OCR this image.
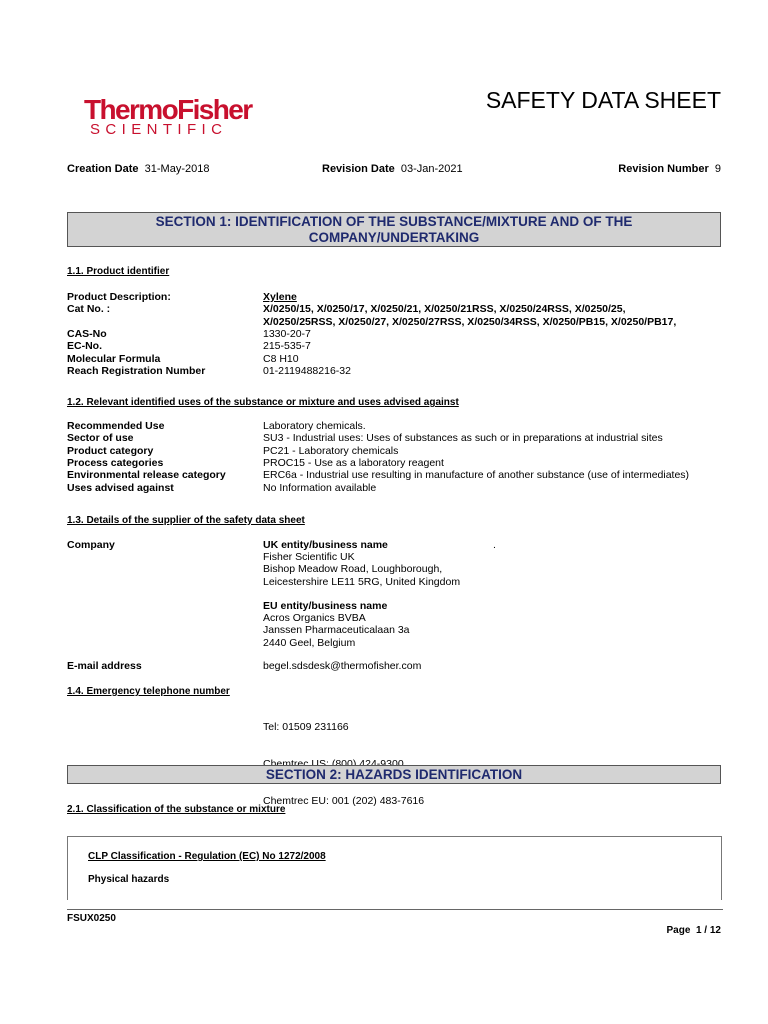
ThermoFisher
SCIENTIFIC
SAFETY DATA SHEET
Creation Date 31-May-2018	Revision Date 03-Jan-2021	Revision Number 9
SECTION 1: IDENTIFICATION OF THE SUBSTANCE/MIXTURE AND OF THE
COMPANY/UNDERTAKING
1.1. Product identifier
Product Description:	Xylene
Cat No. :	X/0250/15, X/0250/17, X/0250/21, X/0250/21RSS, X/0250/24RSS, X/0250/25,
X/0250/25RSS, X/0250/27, X/0250/27RSS, X/0250/34RSS, X/0250/PB15, X/0250/PB17,
CAS-No	1330-20-7
EC-No.	215-535-7
Molecular Formula	C8 H10
Reach Registration Number	01-2119488216-32
1.2. Relevant identified uses of the substance or mixture and uses advised against
Recommended Use	Laboratory chemicals.
Sector of use	SU3 - Industrial uses: Uses of substances as such or in preparations at industrial sites
Product category	PC21 - Laboratory chemicals
Process categories	PROC15 - Use as a laboratory reagent
Environmental release category	ERC6a - Industrial use resulting in manufacture of another substance (use of intermediates)
Uses advised against	No Information available
1.3. Details of the supplier of the safety data sheet
Company	UK entity/business name
Fisher Scientific UK
Bishop Meadow Road, Loughborough,
Leicestershire LE11 5RG, United Kingdom
.
EU entity/business name
Acros Organics BVBA
Janssen Pharmaceuticalaan 3a
2440 Geel, Belgium
E-mail address	begel.sdsdesk@thermofisher.com
1.4. Emergency telephone number

Tel: 01509 231166

Chemtrec EU: 001 (202) 483-7616

SECTION 2: HAZARDS IDENTIFICATION
2.1. Classification of the substance or mixture
CLP Classification - Regulation (EC) No 1272/2008
Physical hazards
FSUX0250
Page 1 / 12
